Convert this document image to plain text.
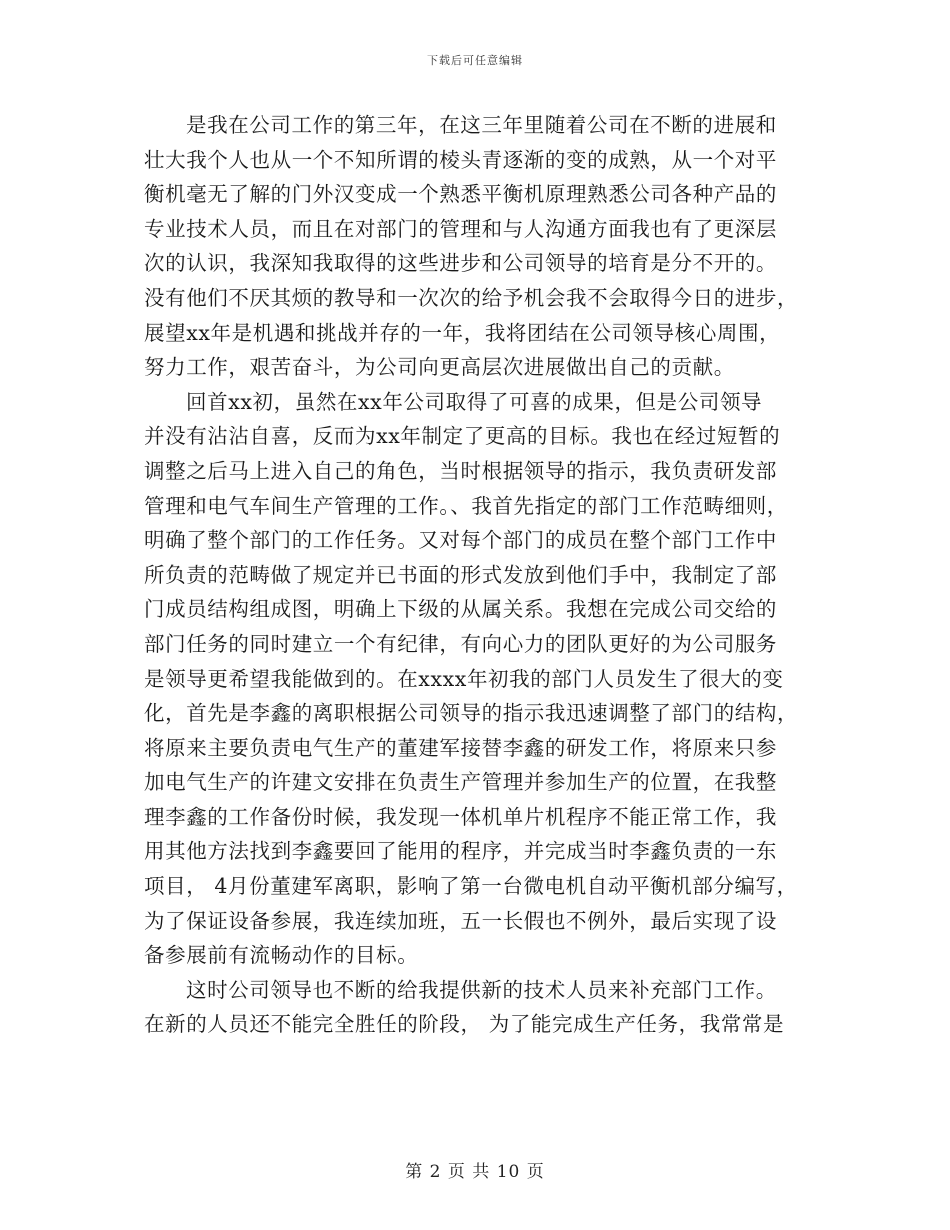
下载后可任意编辑

是我在公司工作的第三年，在这三年里随着公司在不断的进展和

壮大我个人也从一个不知所谓的棱头青逐渐的变的成熟，从一个对平

衡机毫无了解的门外汉变成一个熟悉平衡机原理熟悉公司各种产品的

专业技术人员，而且在对部门的管理和与人沟通方面我也有了更深层

次的认识，我深知我取得的这些进步和公司领导的培育是分不开的。

没有他们不厌其烦的教导和一次次的给予机会我不会取得今日的进步，

展望xx年是机遇和挑战并存的一年，我将团结在公司领导核心周围，

努力工作，艰苦奋斗，为公司向更高层次进展做出自己的贡献。

回首xx初，虽然在xx年公司取得了可喜的成果，但是公司领导

并没有沾沾自喜，反而为xx年制定了更高的目标。我也在经过短暂的

调整之后马上进入自己的角色，当时根据领导的指示，我负责研发部

管理和电气车间生产管理的工作。、我首先指定的部门工作范畴细则，

明确了整个部门的工作任务。又对每个部门的成员在整个部门工作中

所负责的范畴做了规定并已书面的形式发放到他们手中，我制定了部

门成员结构组成图，明确上下级的从属关系。我想在完成公司交给的

部门任务的同时建立一个有纪律，有向心力的团队更好的为公司服务

是领导更希望我能做到的。在xxxx年初我的部门人员发生了很大的变

化，首先是李鑫的离职根据公司领导的指示我迅速调整了部门的结构，

将原来主要负责电气生产的董建军接替李鑫的研发工作，将原来只参

加电气生产的许建文安排在负责生产管理并参加生产的位置，在我整

理李鑫的工作备份时候，我发现一体机单片机程序不能正常工作，我

用其他方法找到李鑫要回了能用的程序，并完成当时李鑫负责的一东

项目， 4月份董建军离职，影响了第一台微电机自动平衡机部分编写，

为了保证设备参展，我连续加班，五一长假也不例外，最后实现了设

备参展前有流畅动作的目标。

这时公司领导也不断的给我提供新的技术人员来补充部门工作。

在新的人员还不能完全胜任的阶段， 为了能完成生产任务，我常常是

第 2 页 共 10 页
